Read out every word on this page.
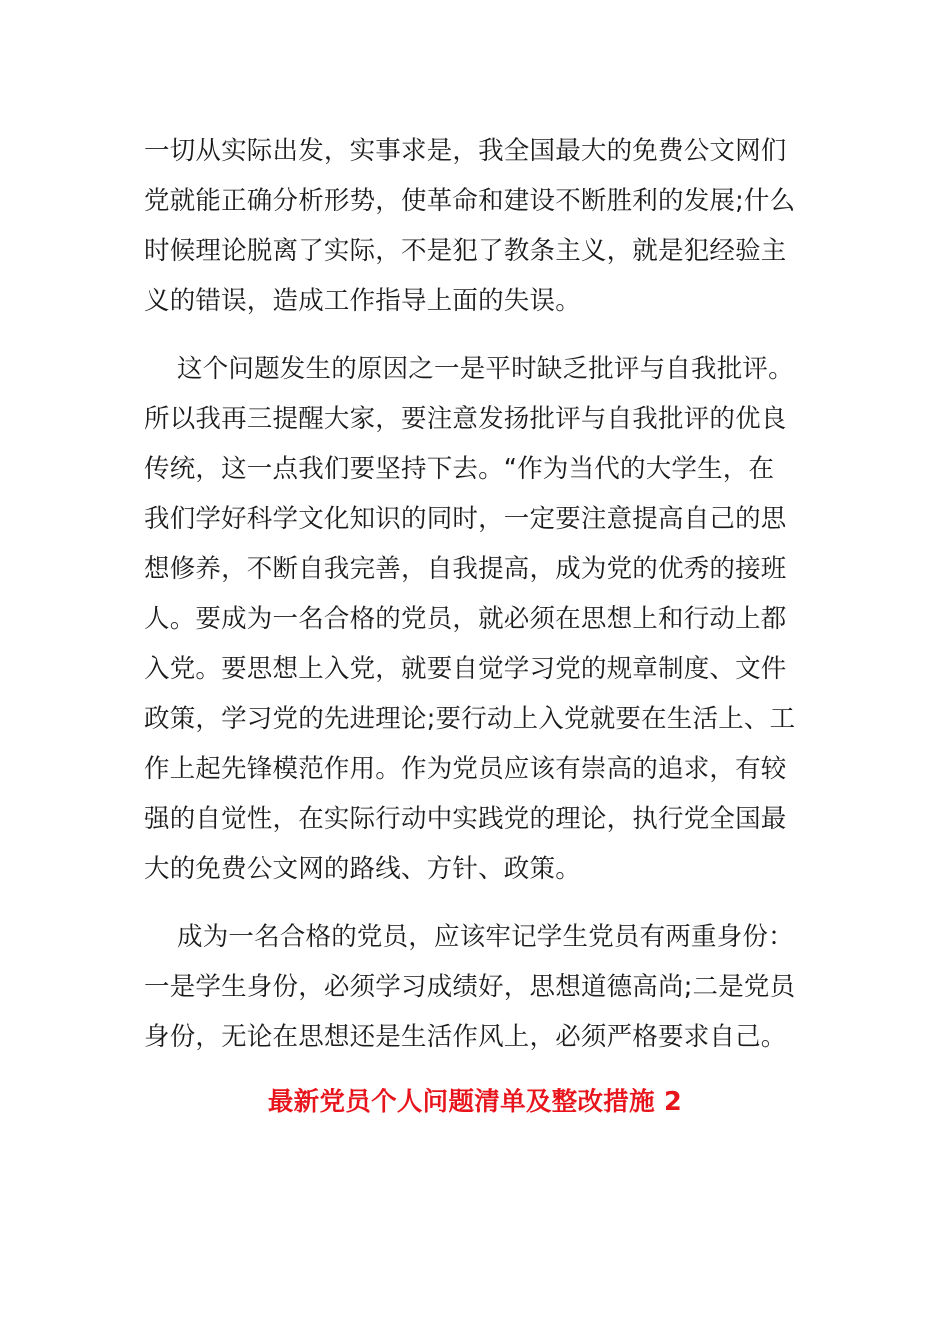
一切从实际出发，实事求是，我全国最大的免费公文网们
党就能正确分析形势，使革命和建设不断胜利的发展;什么
时候理论脱离了实际，不是犯了教条主义，就是犯经验主
义的错误，造成工作指导上面的失误。
这个问题发生的原因之一是平时缺乏批评与自我批评。
所以我再三提醒大家，要注意发扬批评与自我批评的优良
传统，这一点我们要坚持下去。“作为当代的大学生，在
我们学好科学文化知识的同时，一定要注意提高自己的思
想修养，不断自我完善，自我提高，成为党的优秀的接班
人。要成为一名合格的党员，就必须在思想上和行动上都
入党。要思想上入党，就要自觉学习党的规章制度、文件
政策，学习党的先进理论;要行动上入党就要在生活上、工
作上起先锋模范作用。作为党员应该有崇高的追求，有较
强的自觉性，在实际行动中实践党的理论，执行党全国最
大的免费公文网的路线、方针、政策。
成为一名合格的党员，应该牢记学生党员有两重身份：
一是学生身份，必须学习成绩好，思想道德高尚;二是党员
身份，无论在思想还是生活作风上，必须严格要求自己。
最新党员个人问题清单及整改措施 2
